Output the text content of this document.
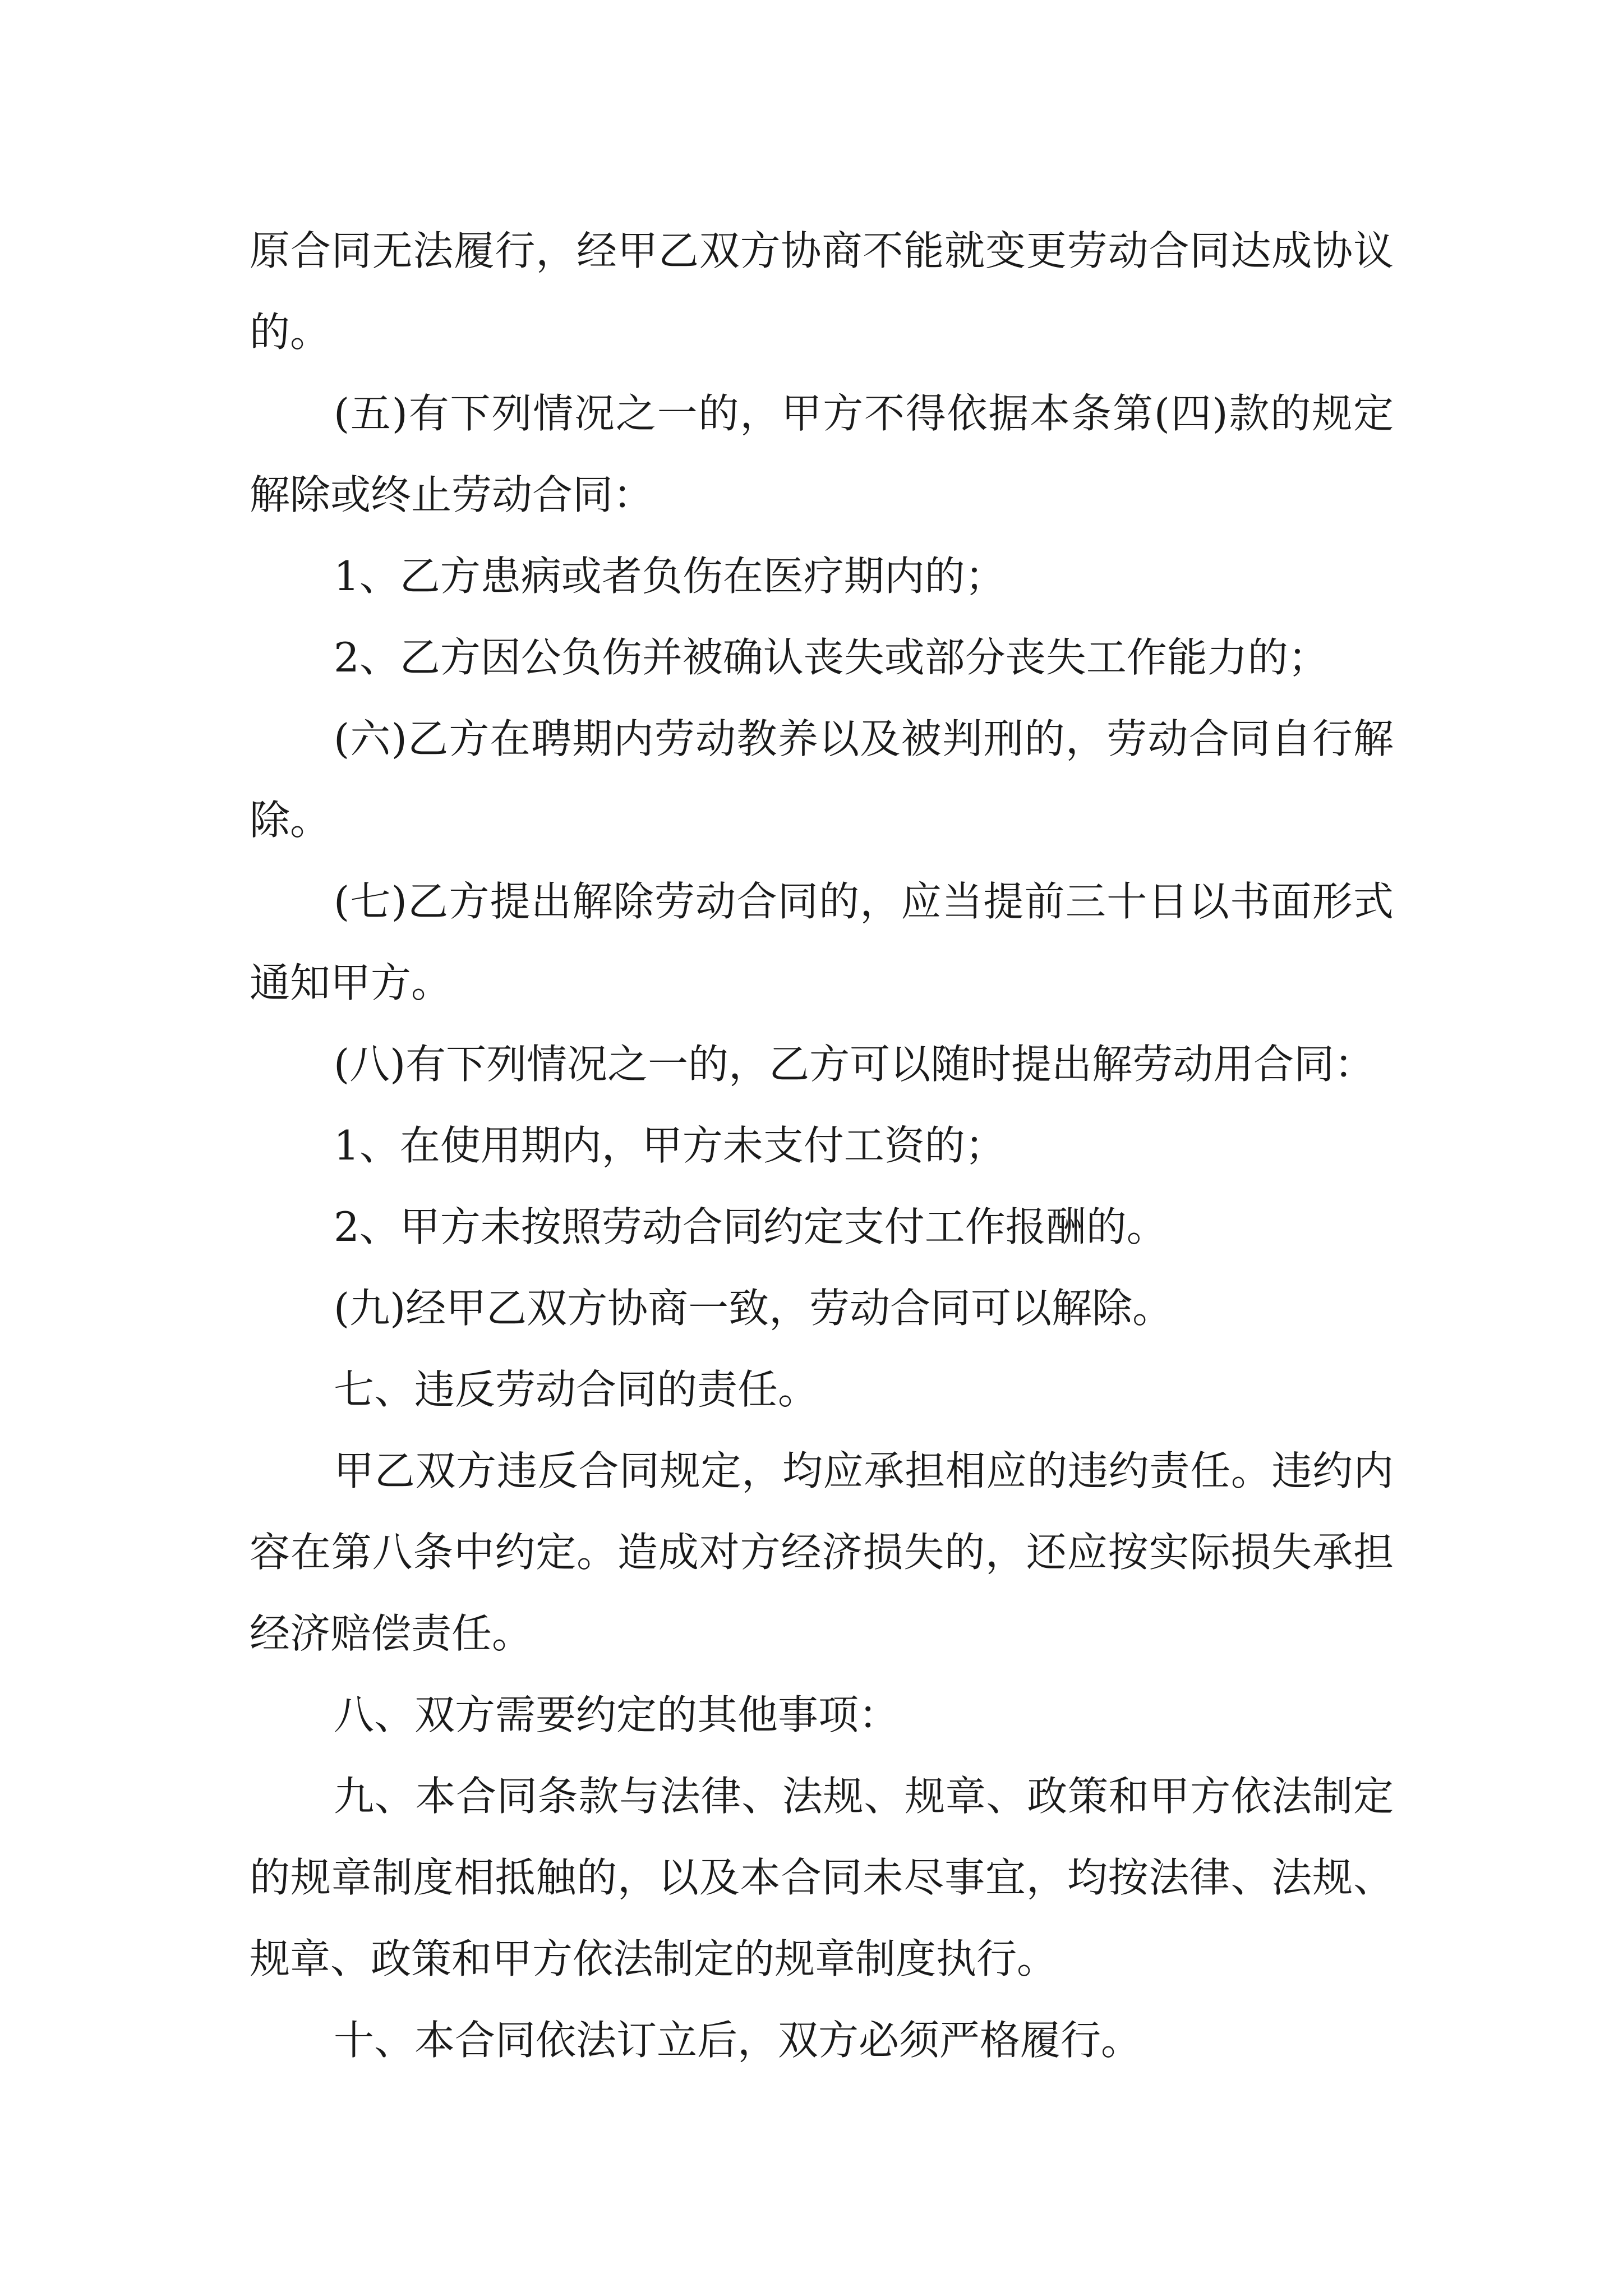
原合同无法履行，经甲乙双方协商不能就变更劳动合同达成协议的。

(五)有下列情况之一的，甲方不得依据本条第(四)款的规定解除或终止劳动合同：

1、乙方患病或者负伤在医疗期内的；

2、乙方因公负伤并被确认丧失或部分丧失工作能力的；

(六)乙方在聘期内劳动教养以及被判刑的，劳动合同自行解除。

(七)乙方提出解除劳动合同的，应当提前三十日以书面形式通知甲方。

(八)有下列情况之一的，乙方可以随时提出解劳动用合同：

1、在使用期内，甲方未支付工资的；

2、甲方未按照劳动合同约定支付工作报酬的。

(九)经甲乙双方协商一致，劳动合同可以解除。

七、违反劳动合同的责任。

甲乙双方违反合同规定，均应承担相应的违约责任。违约内容在第八条中约定。造成对方经济损失的，还应按实际损失承担经济赔偿责任。

八、双方需要约定的其他事项：

九、本合同条款与法律、法规、规章、政策和甲方依法制定的规章制度相抵触的，以及本合同未尽事宜，均按法律、法规、规章、政策和甲方依法制定的规章制度执行。

十、本合同依法订立后，双方必须严格履行。
